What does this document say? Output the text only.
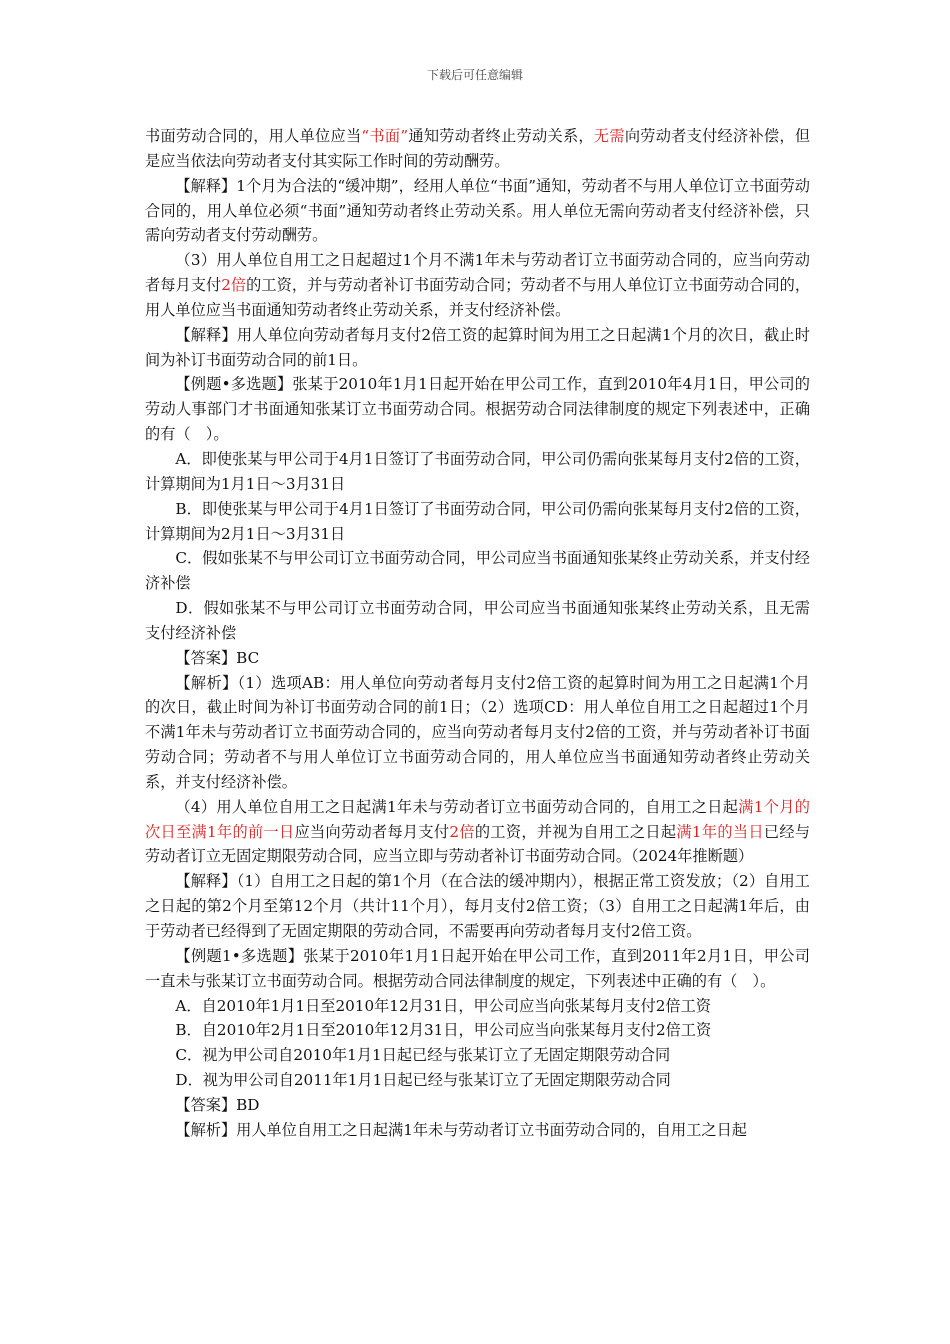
下载后可任意编辑

书面劳动合同的，用人单位应当“书面”通知劳动者终止劳动关系，无需向劳动者支付经济补偿，但是应当依法向劳动者支付其实际工作时间的劳动酬劳。

【解释】1个月为合法的“缓冲期”，经用人单位“书面”通知，劳动者不与用人单位订立书面劳动合同的，用人单位必须“书面”通知劳动者终止劳动关系。用人单位无需向劳动者支付经济补偿，只需向劳动者支付劳动酬劳。

（3）用人单位自用工之日起超过1个月不满1年未与劳动者订立书面劳动合同的，应当向劳动者每月支付2倍的工资，并与劳动者补订书面劳动合同；劳动者不与用人单位订立书面劳动合同的，用人单位应当书面通知劳动者终止劳动关系，并支付经济补偿。

【解释】用人单位向劳动者每月支付2倍工资的起算时间为用工之日起满1个月的次日，截止时间为补订书面劳动合同的前1日。

【例题•多选题】张某于2010年1月1日起开始在甲公司工作，直到2010年4月1日，甲公司的劳动人事部门才书面通知张某订立书面劳动合同。根据劳动合同法律制度的规定下列表述中，正确的有（　）。

A．即使张某与甲公司于4月1日签订了书面劳动合同，甲公司仍需向张某每月支付2倍的工资，计算期间为1月1日～3月31日

B．即使张某与甲公司于4月1日签订了书面劳动合同，甲公司仍需向张某每月支付2倍的工资，计算期间为2月1日～3月31日

C．假如张某不与甲公司订立书面劳动合同，甲公司应当书面通知张某终止劳动关系，并支付经济补偿

D．假如张某不与甲公司订立书面劳动合同，甲公司应当书面通知张某终止劳动关系，且无需支付经济补偿

【答案】BC

【解析】（1）选项AB：用人单位向劳动者每月支付2倍工资的起算时间为用工之日起满1个月的次日，截止时间为补订书面劳动合同的前1日；（2）选项CD：用人单位自用工之日起超过1个月不满1年未与劳动者订立书面劳动合同的，应当向劳动者每月支付2倍的工资，并与劳动者补订书面劳动合同；劳动者不与用人单位订立书面劳动合同的，用人单位应当书面通知劳动者终止劳动关系，并支付经济补偿。

（4）用人单位自用工之日起满1年未与劳动者订立书面劳动合同的，自用工之日起满1个月的次日至满1年的前一日应当向劳动者每月支付2倍的工资，并视为自用工之日起满1年的当日已经与劳动者订立无固定期限劳动合同，应当立即与劳动者补订书面劳动合同。（2024年推断题）

【解释】（1）自用工之日起的第1个月（在合法的缓冲期内），根据正常工资发放；（2）自用工之日起的第2个月至第12个月（共计11个月），每月支付2倍工资；（3）自用工之日起满1年后，由于劳动者已经得到了无固定期限的劳动合同，不需要再向劳动者每月支付2倍工资。

【例题1•多选题】张某于2010年1月1日起开始在甲公司工作，直到2011年2月1日，甲公司一直未与张某订立书面劳动合同。根据劳动合同法律制度的规定，下列表述中正确的有（　）。

A．自2010年1月1日至2010年12月31日，甲公司应当向张某每月支付2倍工资

B．自2010年2月1日至2010年12月31日，甲公司应当向张某每月支付2倍工资

C．视为甲公司自2010年1月1日起已经与张某订立了无固定期限劳动合同

D．视为甲公司自2011年1月1日起已经与张某订立了无固定期限劳动合同

【答案】BD

【解析】用人单位自用工之日起满1年未与劳动者订立书面劳动合同的，自用工之日起
